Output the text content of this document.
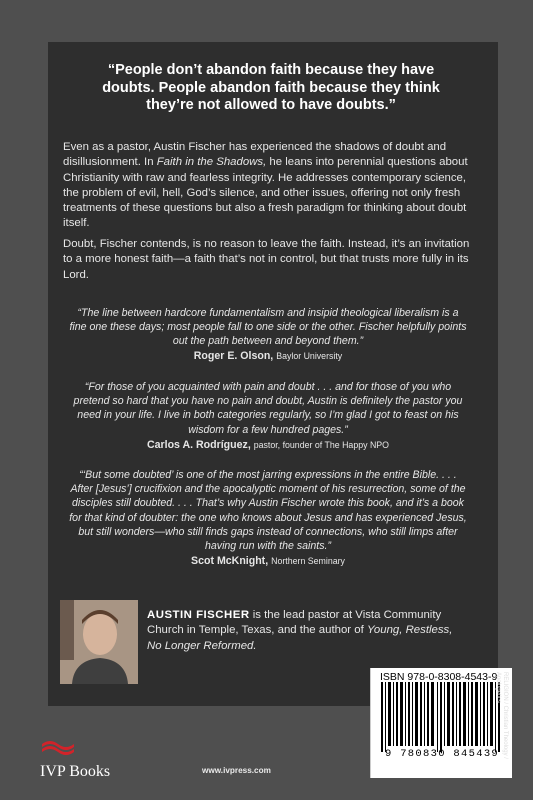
“People don’t abandon faith because they have doubts. People abandon faith because they think they’re not allowed to have doubts.”
Even as a pastor, Austin Fischer has experienced the shadows of doubt and disillusionment. In Faith in the Shadows, he leans into perennial questions about Christianity with raw and fearless integrity. He addresses contemporary science, the problem of evil, hell, God’s silence, and other issues, offering not only fresh treatments of these questions but also a fresh paradigm for thinking about doubt itself.
Doubt, Fischer contends, is no reason to leave the faith. Instead, it’s an invitation to a more honest faith—a faith that’s not in control, but that trusts more fully in its Lord.
“The line between hardcore fundamentalism and insipid theological liberalism is a fine one these days; most people fall to one side or the other. Fischer helpfully points out the path between and beyond them.”
Roger E. Olson, Baylor University
“For those of you acquainted with pain and doubt . . . and for those of you who pretend so hard that you have no pain and doubt, Austin is definitely the pastor you need in your life. I live in both categories regularly, so I’m glad I got to feast on his wisdom for a few hundred pages.”
Carlos A. Rodríguez, pastor, founder of The Happy NPO
“‘But some doubted’ is one of the most jarring expressions in the entire Bible. . . . After [Jesus’] crucifixion and the apocalyptic moment of his resurrection, some of the disciples still doubted. . . . That’s why Austin Fischer wrote this book, and it’s a book for that kind of doubter: the one who knows about Jesus and has experienced Jesus, but still wonders—who still finds gaps instead of connections, who still limps after having run with the saints.”
Scot McKnight, Northern Seminary
AUSTIN FISCHER is the lead pastor at Vista Community Church in Temple, Texas, and the author of Young, Restless, No Longer Reformed.
9 780830 845439
ISBN 978-0-8308-4543-9 RELIGION / Christian Theology / Apologetics
IVP Books	www.ivpress.com
